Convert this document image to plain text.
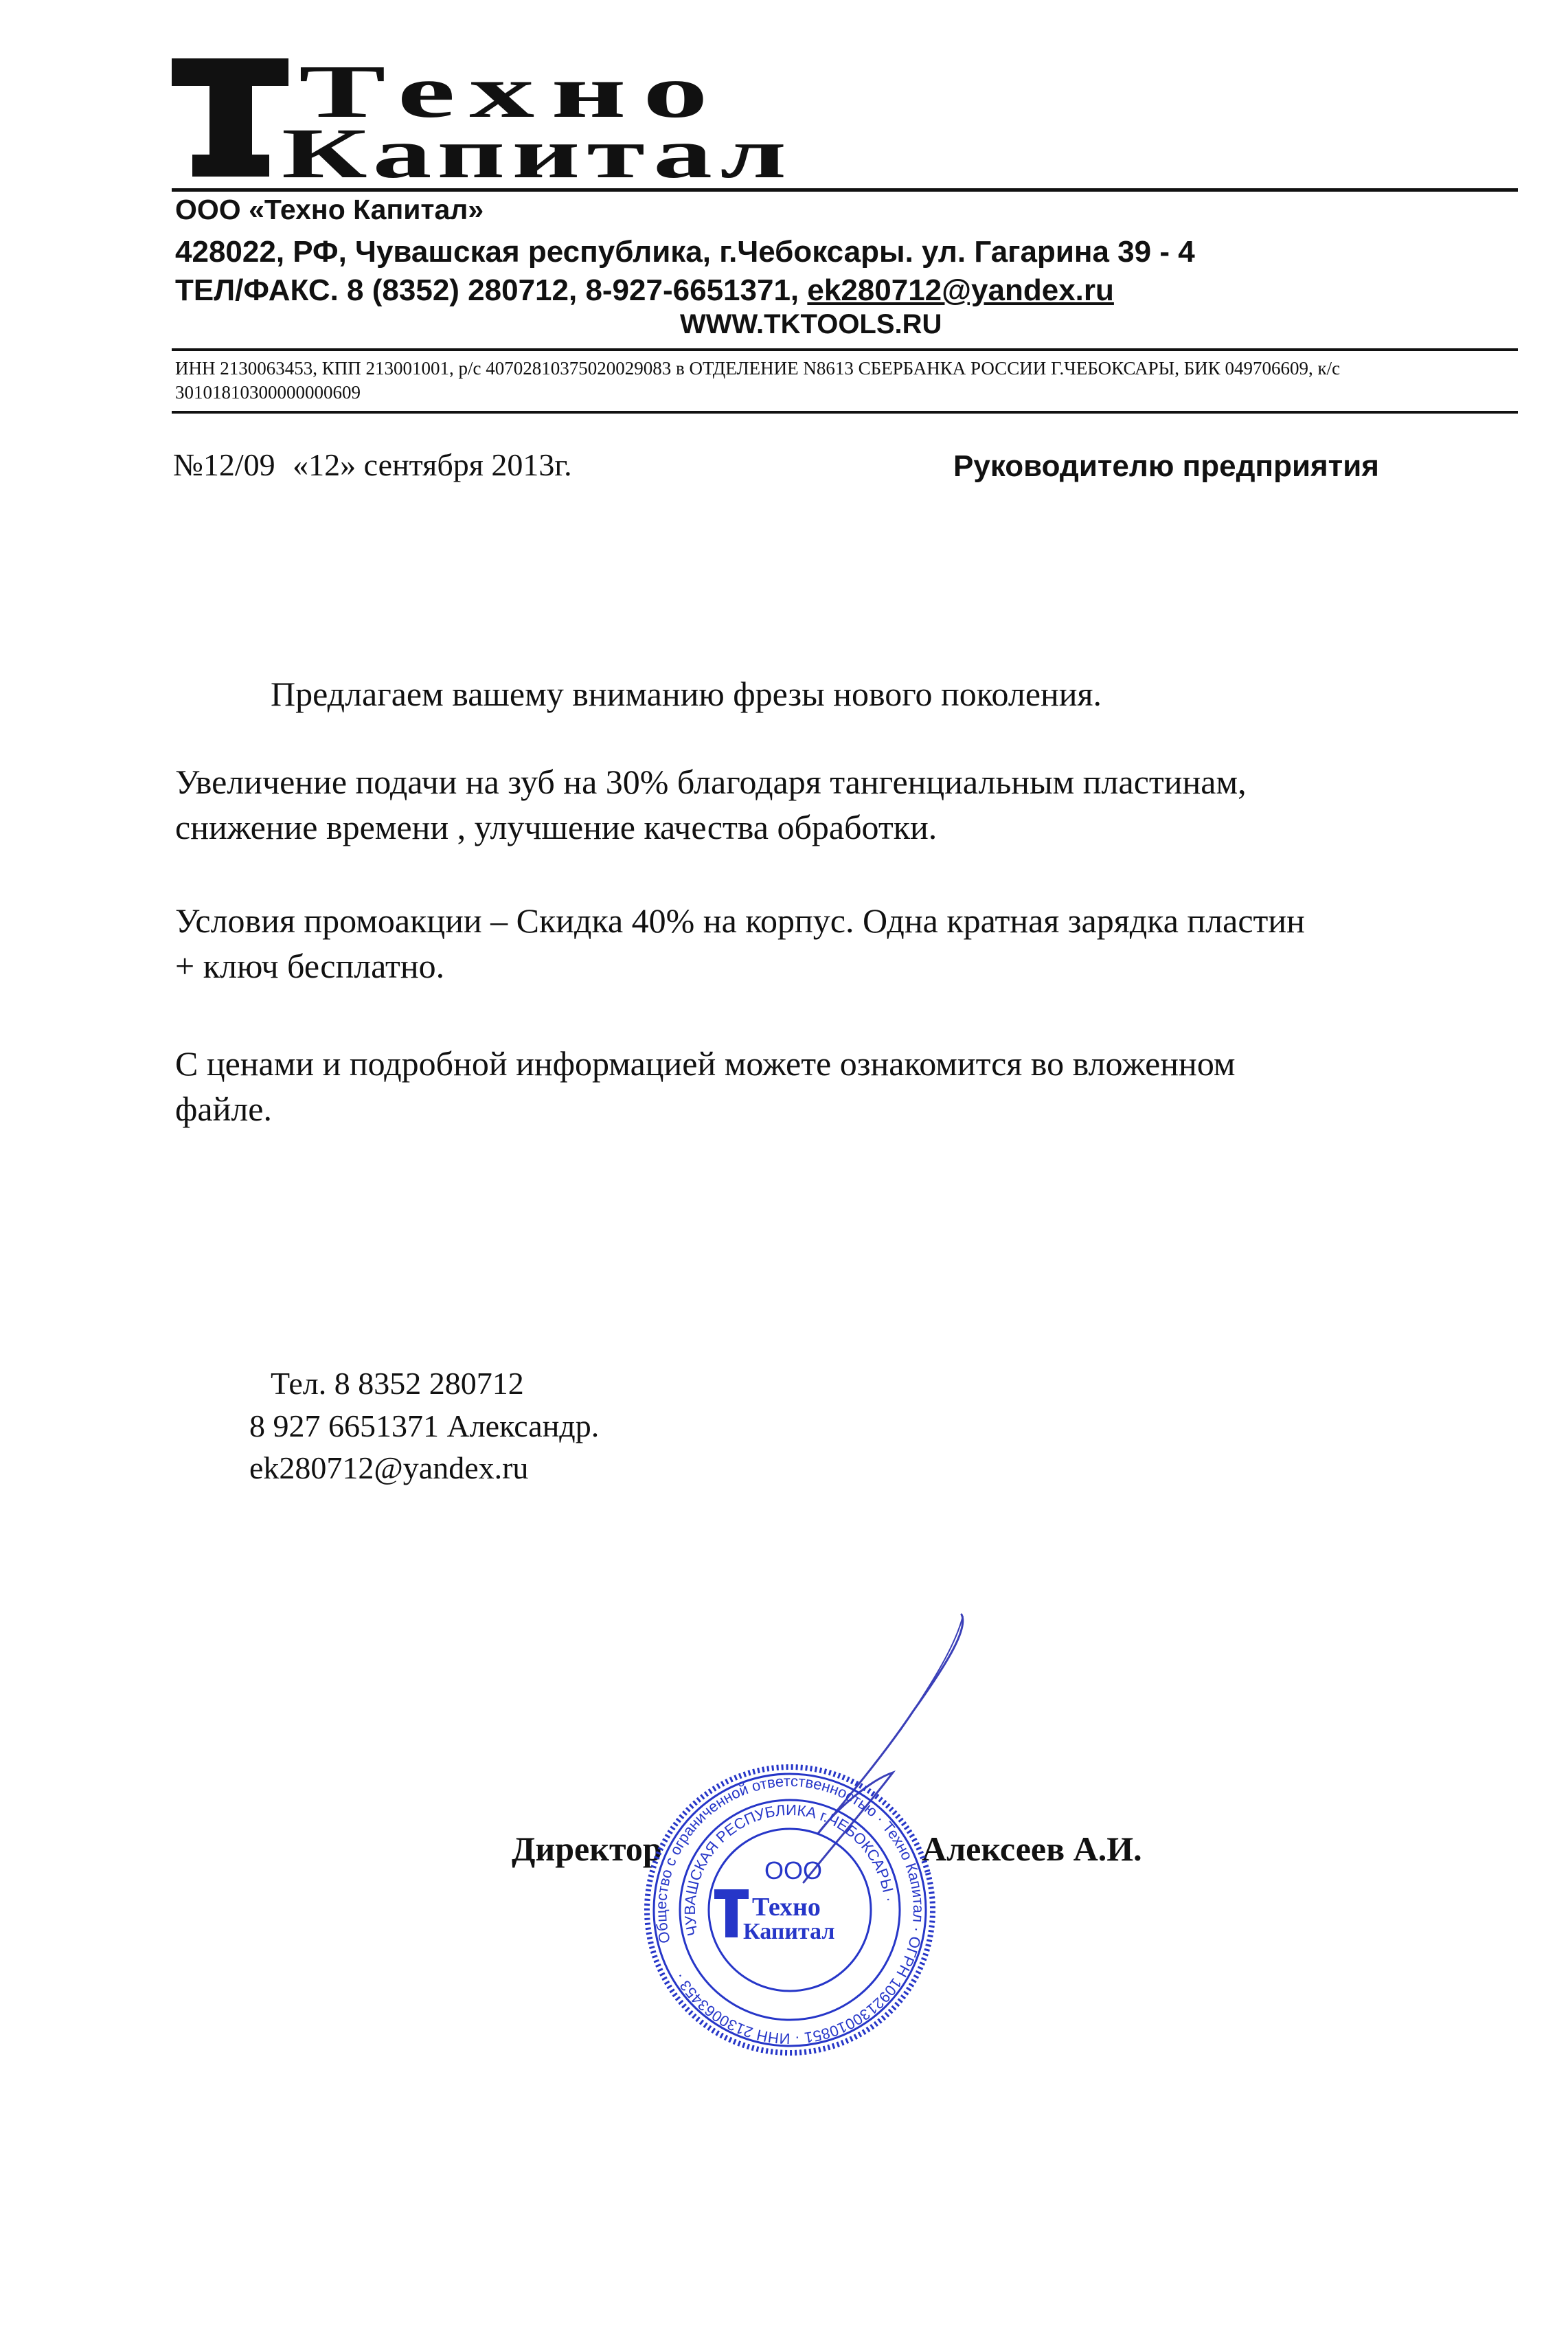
Техно
Капитал
ООО «Техно Капитал»
428022, РФ, Чувашская республика, г.Чебоксары. ул. Гагарина 39 - 4
ТЕЛ/ФАКС. 8 (8352) 280712, 8-927-6651371, ek280712@yandex.ru
WWW.TKTOOLS.RU
ИНН 2130063453, КПП 213001001, р/с 40702810375020029083 в ОТДЕЛЕНИЕ N8613 СБЕРБАНКА РОССИИ Г.ЧЕБОКСАРЫ, БИК 049706609, к/с 30101810300000000609
№12/09 «12» сентября 2013г.	Руководителю предприятия
Предлагаем вашему вниманию фрезы нового поколения.
Увеличение подачи на зуб на 30% благодаря тангенциальным пластинам,
снижение времени , улучшение качества обработки.
Условия промоакции – Скидка 40% на корпус. Одна кратная зарядка пластин
+ ключ бесплатно.
С ценами и подробной информацией можете ознакомится во вложенном
файле.
Тел. 8 8352 280712
8 927 6651371 Александр.
ek280712@yandex.ru
Директор	Алексеев А.И.
Общество с ограниченной ответственностью · Техно Капитал · ОГРН 1092130010851 · ИНН 2130063453 ·
ЧУВАШСКАЯ РЕСПУБЛИКА г.ЧЕБОКСАРЫ ·
ООО
Техно
Капитал
